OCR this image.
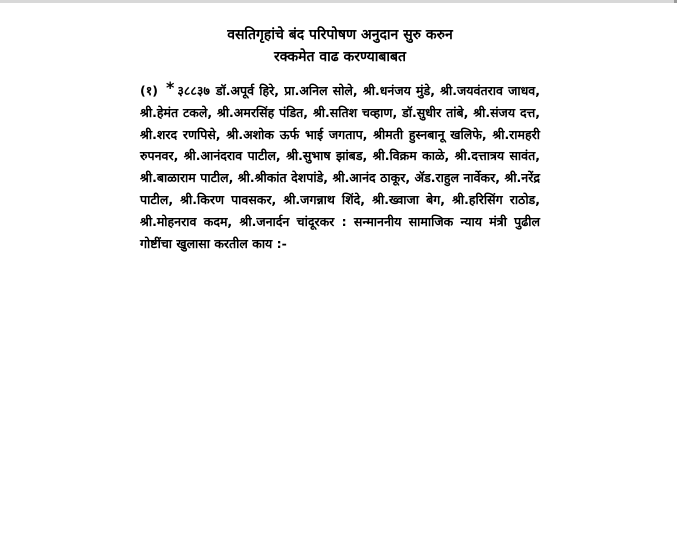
वसतिगृहांचे बंद परिपोषण अनुदान सुरु करुन
रक्कमेत वाढ करण्याबाबत

(१) * ३८८३७ डॉ.अपूर्व हिरे, प्रा.अनिल सोले, श्री.धनंजय मुंडे, श्री.जयवंतराव जाधव, श्री.हेमंत टकले, श्री.अमरसिंह पंडित, श्री.सतिश चव्हाण, डॉ.सुधीर तांबे, श्री.संजय दत्त, श्री.शरद रणपिसे, श्री.अशोक ऊर्फ भाई जगताप, श्रीमती हुस्नबानू खलिफे, श्री.रामहरी रुपनवर, श्री.आनंदराव पाटील, श्री.सुभाष झांबड, श्री.विक्रम काळे, श्री.दत्तात्रय सावंत, श्री.बाळाराम पाटील, श्री.श्रीकांत देशपांडे, श्री.आनंद ठाकूर, ॲड.राहुल नार्वेकर, श्री.नरेंद्र पाटील, श्री.किरण पावसकर, श्री.जगन्नाथ शिंदे, श्री.ख्वाजा बेग, श्री.हरिसिंग राठोड, श्री.मोहनराव कदम, श्री.जनार्दन चांदूरकर : सन्माननीय सामाजिक न्याय मंत्री पुढील गोष्टींचा खुलासा करतील काय :-
